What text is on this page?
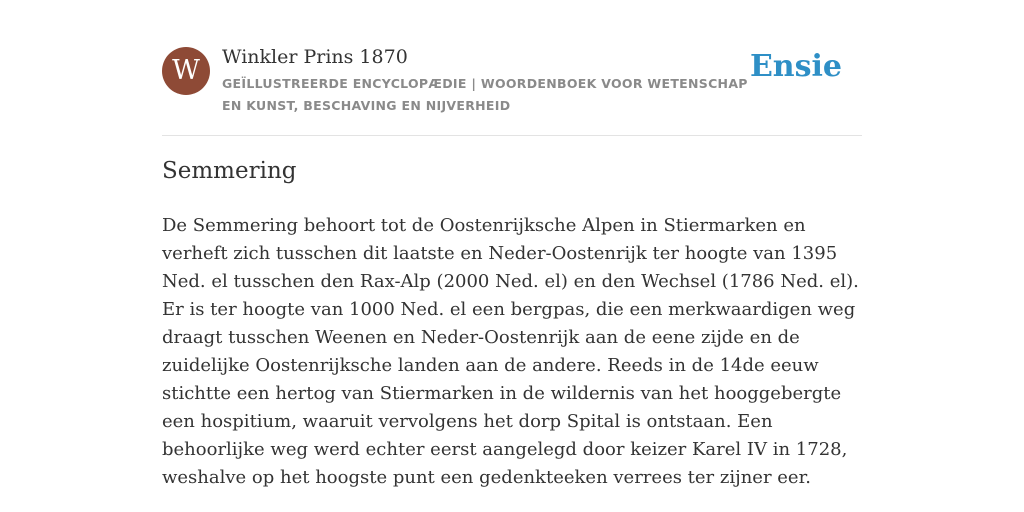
W	Winkler Prins 1870
GEÏLLUSTREERDE ENCYCLOPÆDIE | WOORDENBOEK VOOR WETENSCHAP EN KUNST, BESCHAVING EN NIJVERHEID
Ensie
Semmering

De Semmering behoort tot de Oostenrijksche Alpen in Stiermarken en verheft zich tusschen dit laatste en Neder-Oostenrijk ter hoogte van 1395 Ned. el tusschen den Rax-Alp (2000 Ned. el) en den Wechsel (1786 Ned. el). Er is ter hoogte van 1000 Ned. el een bergpas, die een merkwaardigen weg draagt tusschen Weenen en Neder-Oostenrijk aan de eene zijde en de zuidelijke Oostenrijksche landen aan de andere. Reeds in de 14de eeuw stichtte een hertog van Stiermarken in de wildernis van het hooggebergte een hospitium, waaruit vervolgens het dorp Spital is ontstaan. Een behoorlijke weg werd echter eerst aangelegd door keizer Karel IV in 1728, weshalve op het hoogste punt een gedenkteeken verrees ter zijner eer.
